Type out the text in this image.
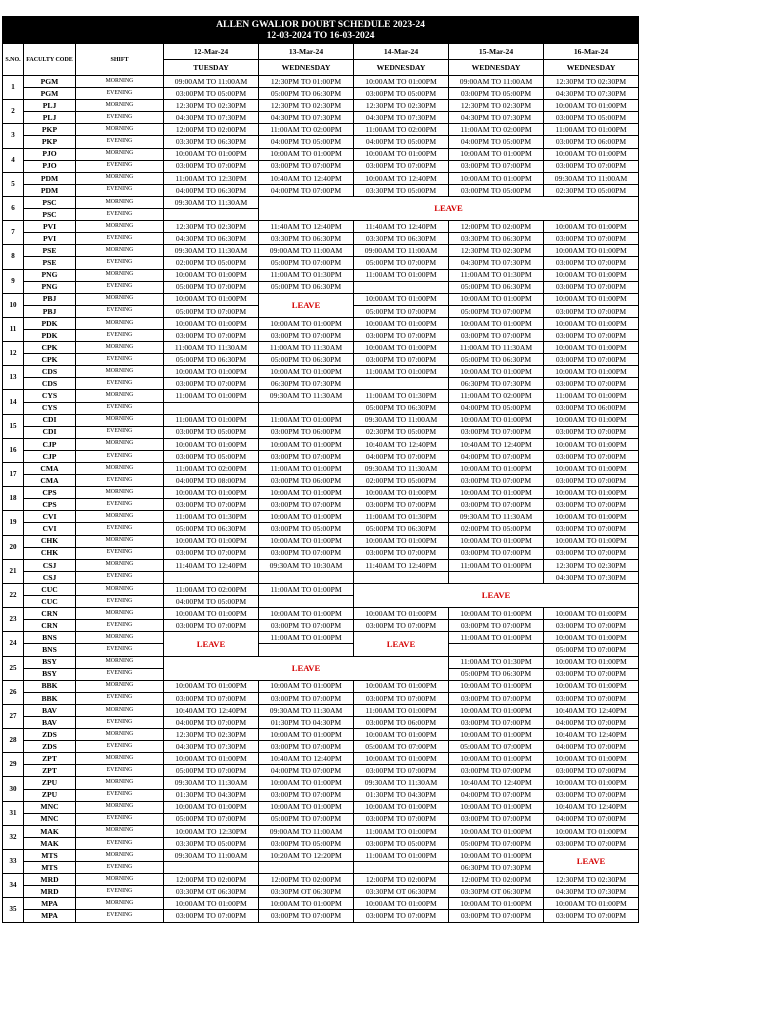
ALLEN GWALIOR DOUBT SCHEDULE 2023-24
12-03-2024 TO 16-03-2024							

S.NO.	FACULTY CODE	SHIFT	12-Mar-24	13-Mar-24	14-Mar-24	15-Mar-24	16-Mar-24
			TUESDAY	WEDNESDAY	WEDNESDAY	WEDNESDAY	WEDNESDAY
1	PGM	MORNING	09:00AM TO 11:00AM	12:30PM TO 01:00PM	10:00AM TO 01:00PM	09:00AM TO 11:00AM	12:30PM TO 02:30PM
	PGM	EVENING	03:00PM TO 05:00PM	05:00PM TO 06:30PM	03:00PM TO 05:00PM	03:00PM TO 05:00PM	04:30PM TO 07:30PM
2	PLJ	MORNING	12:30PM TO 02:30PM	12:30PM TO 02:30PM	12:30PM TO 02:30PM	12:30PM TO 02:30PM	10:00AM TO 01:00PM
	PLJ	EVENING	04:30PM TO 07:30PM	04:30PM TO 07:30PM	04:30PM TO 07:30PM	04:30PM TO 07:30PM	03:00PM TO 05:00PM
3	PKP	MORNING	12:00PM TO 02:00PM	11:00AM TO 02:00PM	11:00AM TO 02:00PM	11:00AM TO 02:00PM	11:00AM TO 01:00PM
	PKP	EVENING	03:30PM TO 06:30PM	04:00PM TO 05:00PM	04:00PM TO 05:00PM	04:00PM TO 05:00PM	03:00PM TO 06:00PM
4	PJO	MORNING	10:00AM TO 01:00PM	10:00AM TO 01:00PM	10:00AM TO 01:00PM	10:00AM TO 01:00PM	10:00AM TO 01:00PM
	PJO	EVENING	03:00PM TO 07:00PM	03:00PM TO 07:00PM	03:00PM TO 07:00PM	03:00PM TO 07:00PM	03:00PM TO 07:00PM
5	PDM	MORNING	11:00AM TO 12:30PM	10:40AM TO 12:40PM	10:00AM TO 12:40PM	10:00AM TO 01:00PM	09:30AM TO 11:00AM
	PDM	EVENING	04:00PM TO 06:30PM	04:00PM TO 07:00PM	03:30PM TO 05:00PM	03:00PM TO 05:00PM	02:30PM TO 05:00PM
6	PSC	MORNING	09:30AM TO 11:30AM	LEAVE			
	PSC	EVENING					
7	PVI	MORNING	12:30PM TO 02:30PM	11:40AM TO 12:40PM	11:40AM TO 12:40PM	12:00PM TO 02:00PM	10:00AM TO 01:00PM
	PVI	EVENING	04:30PM TO 06:30PM	03:30PM TO 06:30PM	03:30PM TO 06:30PM	03:30PM TO 06:30PM	03:00PM TO 07:00PM
8	PSE	MORNING	09:30AM TO 11:30AM	09:00AM TO 11:00AM	09:00AM TO 11:00AM	12:30PM TO 02:30PM	10:00AM TO 01:00PM
	PSE	EVENING	02:00PM TO 05:00PM	05:00PM TO 07:00PM	05:00PM TO 07:00PM	04:30PM TO 07:30PM	03:00PM TO 07:00PM
9	PNG	MORNING	10:00AM TO 01:00PM	11:00AM TO 01:30PM	11:00AM TO 01:00PM	11:00AM TO 01:30PM	10:00AM TO 01:00PM
	PNG	EVENING	05:00PM TO 07:00PM	05:00PM TO 06:30PM		05:00PM TO 06:30PM	03:00PM TO 07:00PM
10	PBJ	MORNING	10:00AM TO 01:00PM	LEAVE	10:00AM TO 01:00PM	10:00AM TO 01:00PM	10:00AM TO 01:00PM
	PBJ	EVENING	05:00PM TO 07:00PM		05:00PM TO 07:00PM	05:00PM TO 07:00PM	03:00PM TO 07:00PM
11	PDK	MORNING	10:00AM TO 01:00PM	10:00AM TO 01:00PM	10:00AM TO 01:00PM	10:00AM TO 01:00PM	10:00AM TO 01:00PM
	PDK	EVENING	03:00PM TO 07:00PM	03:00PM TO 07:00PM	03:00PM TO 07:00PM	03:00PM TO 07:00PM	03:00PM TO 07:00PM
12	CPK	MORNING	11:00AM TO 11:30AM	11:00AM TO 11:30AM	10:00AM TO 01:00PM	11:00AM TO 11:30AM	10:00AM TO 01:00PM
	CPK	EVENING	05:00PM TO 06:30PM	05:00PM TO 06:30PM	03:00PM TO 07:00PM	05:00PM TO 06:30PM	03:00PM TO 07:00PM
13	CDS	MORNING	10:00AM TO 01:00PM	10:00AM TO 01:00PM	11:00AM TO 01:00PM	10:00AM TO 01:00PM	10:00AM TO 01:00PM
	CDS	EVENING	03:00PM TO 07:00PM	06:30PM TO 07:30PM		06:30PM TO 07:30PM	03:00PM TO 07:00PM
14	CYS	MORNING	11:00AM TO 01:00PM	09:30AM TO 11:30AM	11:00AM TO 01:30PM	11:00AM TO 02:00PM	11:00AM TO 01:00PM
	CYS	EVENING			05:00PM TO 06:30PM	04:00PM TO 05:00PM	03:00PM TO 06:00PM
15	CDI	MORNING	11:00AM TO 01:00PM	11:00AM TO 01:00PM	09:30AM TO 11:00AM	10:00AM TO 01:00PM	10:00AM TO 01:00PM
	CDI	EVENING	03:00PM TO 05:00PM	03:00PM TO 06:00PM	02:30PM TO 05:00PM	03:00PM TO 07:00PM	03:00PM TO 07:00PM
16	CJP	MORNING	10:00AM TO 01:00PM	10:00AM TO 01:00PM	10:40AM TO 12:40PM	10:40AM TO 12:40PM	10:00AM TO 01:00PM
	CJP	EVENING	03:00PM TO 05:00PM	03:00PM TO 07:00PM	04:00PM TO 07:00PM	04:00PM TO 07:00PM	03:00PM TO 07:00PM
17	CMA	MORNING	11:00AM TO 02:00PM	11:00AM TO 01:00PM	09:30AM TO 11:30AM	10:00AM TO 01:00PM	10:00AM TO 01:00PM
	CMA	EVENING	04:00PM TO 08:00PM	03:00PM TO 06:00PM	02:00PM TO 05:00PM	03:00PM TO 07:00PM	03:00PM TO 07:00PM
18	CPS	MORNING	10:00AM TO 01:00PM	10:00AM TO 01:00PM	10:00AM TO 01:00PM	10:00AM TO 01:00PM	10:00AM TO 01:00PM
	CPS	EVENING	03:00PM TO 07:00PM	03:00PM TO 07:00PM	03:00PM TO 07:00PM	03:00PM TO 07:00PM	03:00PM TO 07:00PM
19	CVI	MORNING	11:00AM TO 01:30PM	10:00AM TO 01:00PM	11:00AM TO 01:30PM	09:30AM TO 11:30AM	10:00AM TO 01:00PM
	CVI	EVENING	05:00PM TO 06:30PM	03:00PM TO 05:00PM	05:00PM TO 06:30PM	02:00PM TO 05:00PM	03:00PM TO 07:00PM
20	CHK	MORNING	10:00AM TO 01:00PM	10:00AM TO 01:00PM	10:00AM TO 01:00PM	10:00AM TO 01:00PM	10:00AM TO 01:00PM
	CHK	EVENING	03:00PM TO 07:00PM	03:00PM TO 07:00PM	03:00PM TO 07:00PM	03:00PM TO 07:00PM	03:00PM TO 07:00PM
21	CSJ	MORNING	11:40AM TO 12:40PM	09:30AM TO 10:30AM	11:40AM TO 12:40PM	11:00AM TO 01:00PM	12:30PM TO 02:30PM
	CSJ	EVENING					04:30PM TO 07:30PM
22	CUC	MORNING	11:00AM TO 02:00PM	11:00AM TO 01:00PM	LEAVE		
	CUC	EVENING	04:00PM TO 05:00PM				
23	CRN	MORNING	10:00AM TO 01:00PM	10:00AM TO 01:00PM	10:00AM TO 01:00PM	10:00AM TO 01:00PM	10:00AM TO 01:00PM
	CRN	EVENING	03:00PM TO 07:00PM	03:00PM TO 07:00PM	03:00PM TO 07:00PM	03:00PM TO 07:00PM	03:00PM TO 07:00PM
24	BNS	MORNING	LEAVE	11:00AM TO 01:00PM	LEAVE	11:00AM TO 01:00PM	10:00AM TO 01:00PM
	BNS	EVENING					05:00PM TO 07:00PM
25	BSY	MORNING	LEAVE			11:00AM TO 01:30PM	10:00AM TO 01:00PM
	BSY	EVENING				05:00PM TO 06:30PM	03:00PM TO 07:00PM
26	BBK	MORNING	10:00AM TO 01:00PM	10:00AM TO 01:00PM	10:00AM TO 01:00PM	10:00AM TO 01:00PM	10:00AM TO 01:00PM
	BBK	EVENING	03:00PM TO 07:00PM	03:00PM TO 07:00PM	03:00PM TO 07:00PM	03:00PM TO 07:00PM	03:00PM TO 07:00PM
27	BAV	MORNING	10:40AM TO 12:40PM	09:30AM TO 11:30AM	11:00AM TO 01:00PM	10:00AM TO 01:00PM	10:40AM TO 12:40PM
	BAV	EVENING	04:00PM TO 07:00PM	01:30PM TO 04:30PM	03:00PM TO 06:00PM	03:00PM TO 07:00PM	04:00PM TO 07:00PM
28	ZDS	MORNING	12:30PM TO 02:30PM	10:00AM TO 01:00PM	10:00AM TO 01:00PM	10:00AM TO 01:00PM	10:40AM TO 12:40PM
	ZDS	EVENING	04:30PM TO 07:30PM	03:00PM TO 07:00PM	05:00AM TO 07:00PM	05:00AM TO 07:00PM	04:00PM TO 07:00PM
29	ZPT	MORNING	10:00AM TO 01:00PM	10:40AM TO 12:40PM	10:00AM TO 01:00PM	10:00AM TO 01:00PM	10:00AM TO 01:00PM
	ZPT	EVENING	05:00PM TO 07:00PM	04:00PM TO 07:00PM	03:00PM TO 07:00PM	03:00PM TO 07:00PM	03:00PM TO 07:00PM
30	ZPU	MORNING	09:30AM TO 11:30AM	10:00AM TO 01:00PM	09:30AM TO 11:30AM	10:40AM TO 12:40PM	10:00AM TO 01:00PM
	ZPU	EVENING	01:30PM TO 04:30PM	03:00PM TO 07:00PM	01:30PM TO 04:30PM	04:00PM TO 07:00PM	03:00PM TO 07:00PM
31	MNC	MORNING	10:00AM TO 01:00PM	10:00AM TO 01:00PM	10:00AM TO 01:00PM	10:00AM TO 01:00PM	10:40AM TO 12:40PM
	MNC	EVENING	05:00PM TO 07:00PM	05:00PM TO 07:00PM	03:00PM TO 07:00PM	03:00PM TO 07:00PM	04:00PM TO 07:00PM
32	MAK	MORNING	10:00AM TO 12:30PM	09:00AM TO 11:00AM	11:00AM TO 01:00PM	10:00AM TO 01:00PM	10:00AM TO 01:00PM
	MAK	EVENING	03:30PM TO 05:00PM	03:00PM TO 05:00PM	03:00PM TO 05:00PM	05:00PM TO 07:00PM	03:00PM TO 07:00PM
33	MTS	MORNING	09:30AM TO 11:00AM	10:20AM TO 12:20PM	11:00AM TO 01:00PM	10:00AM TO 01:00PM	LEAVE
	MTS	EVENING				06:30PM TO 07:30PM	
34	MRD	MORNING	12:00PM TO 02:00PM	12:00PM TO 02:00PM	12:00PM TO 02:00PM	12:00PM TO 02:00PM	12:30PM TO 02:30PM
	MRD	EVENING	03:30PM OT 06:30PM	03:30PM OT 06:30PM	03:30PM OT 06:30PM	03:30PM OT 06:30PM	04:30PM TO 07:30PM
35	MPA	MORNING	10:00AM TO 01:00PM	10:00AM TO 01:00PM	10:00AM TO 01:00PM	10:00AM TO 01:00PM	10:00AM TO 01:00PM
	MPA	EVENING	03:00PM TO 07:00PM	03:00PM TO 07:00PM	03:00PM TO 07:00PM	03:00PM TO 07:00PM	03:00PM TO 07:00PM
